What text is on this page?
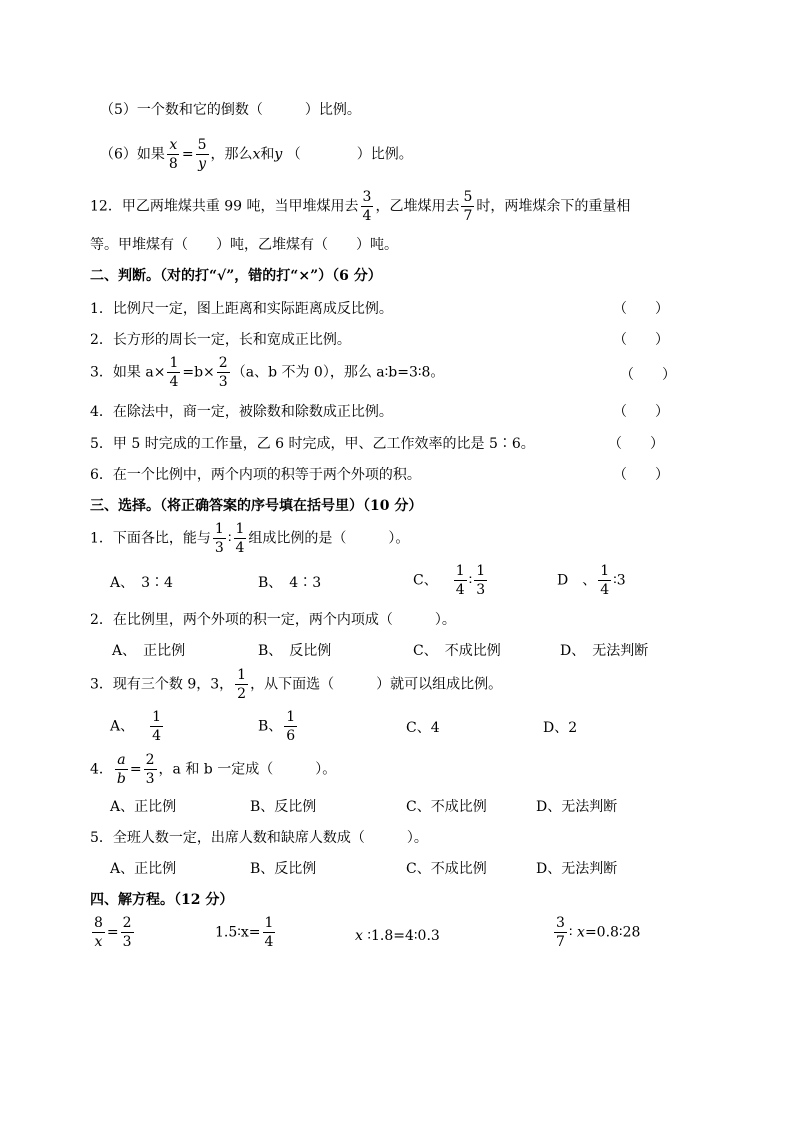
（5）一个数和它的倒数（　　　）比例。
（6）如果 $\frac{x}{8} = \frac{5}{y}$ ，那么x和y （　　　　）比例。
12．甲乙两堆煤共重 99 吨，当甲堆煤用去 $\frac{3}{4}$ ，乙堆煤用去 $\frac{5}{7}$ 时，两堆煤余下的重量相
等。甲堆煤有（　　）吨，乙堆煤有（　　）吨。
二、判断。（对的打“√”，错的打“×”）（6 分）
1．比例尺一定，图上距离和实际距离成反比例。	（　　）
2．长方形的周长一定，长和宽成正比例。	（　　）
3．如果 $a\times \frac{1}{4} =b\times \frac{2}{3} (a$、b 不为 0），那么 a∶b=3∶8。	（　　）
4．在除法中，商一定，被除数和除数成正比例。	（　　）
5．甲 5 时完成的工作量，乙 6 时完成，甲、乙工作效率的比是 5∶6。	（　　）
6．在一个比例中，两个内项的积等于两个外项的积。	（　　）
三、选择。（将正确答案的序号填在括号里）（10 分）
1．下面各比，能与 $\frac{1}{3}$ ∶ $\frac{1}{4}$ 组成比例的是（　　　）。
A、　3∶4	B、　4∶3	C、 $\frac{1}{4}$ ∶ $\frac{1}{3}$	D　、 $\frac{1}{4}$ ∶3
2．在比例里，两个外项的积一定，两个内项成（　　　）。
A、　正比例	B、　反比例	C、　不成比例	D、　无法判断
3．现有三个数 9，3， $\frac{1}{2}$ ，从下面选（　　　）就可以组成比例。
A、 $\frac{1}{4}$	B、 $\frac{1}{6}$	C、4	D、2
4． $\frac{a}{b} = \frac{2}{3}$ ，a 和 b 一定成（　　　）。
A、正比例	B、反比例	C、不成比例	D、无法判断
5．全班人数一定，出席人数和缺席人数成（　　　）。
A、正比例	B、反比例	C、不成比例	D、无法判断
四、解方程。（12 分）
$\frac{8}{x} = \frac{2}{3}$	1.5∶x= $\frac{1}{4}$	x ∶1.8=4∶0.3	$\frac{3}{7}$ ∶ x=0.8∶28
